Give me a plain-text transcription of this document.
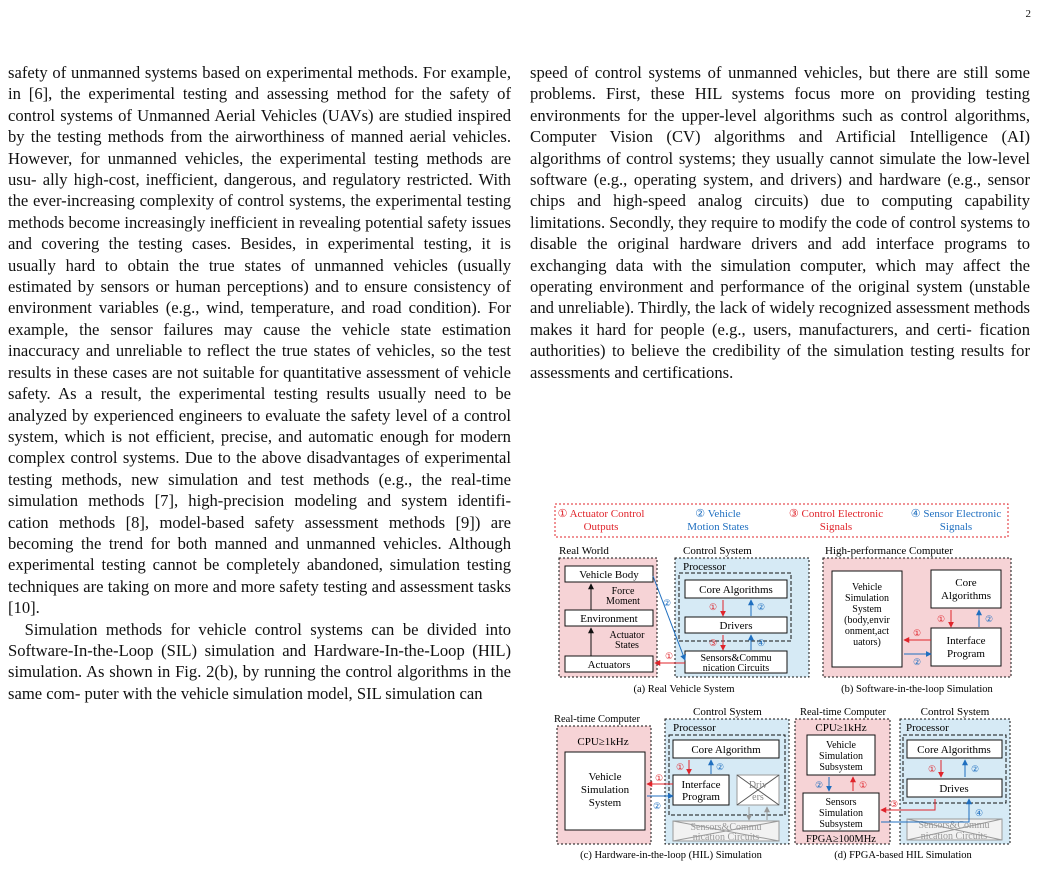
2

safety of unmanned systems based on experimental methods. For example, in [6], the experimental testing and assessing method for the safety of control systems of Unmanned Aerial Vehicles (UAVs) are studied inspired by the testing methods from the airworthiness of manned aerial vehicles. However, for unmanned vehicles, the experimental testing methods are usu- ally high-cost, inefficient, dangerous, and regulatory restricted. With the ever-increasing complexity of control systems, the experimental testing methods become increasingly inefficient in revealing potential safety issues and covering the testing cases. Besides, in experimental testing, it is usually hard to obtain the true states of unmanned vehicles (usually estimated by sensors or human perceptions) and to ensure consistency of environment variables (e.g., wind, temperature, and road condition). For example, the sensor failures may cause the vehicle state estimation inaccuracy and unreliable to reflect the true states of vehicles, so the test results in these cases are not suitable for quantitative assessment of vehicle safety. As a result, the experimental testing results usually need to be analyzed by experienced engineers to evaluate the safety level of a control system, which is not efficient, precise, and automatic enough for modern complex control systems. Due to the above disadvantages of experimental testing methods, new simulation and test methods (e.g., the real-time simulation methods [7], high-precision modeling and system identifi- cation methods [8], model-based safety assessment methods [9]) are becoming the trend for both manned and unmanned vehicles. Although experimental testing cannot be completely abandoned, simulation testing techniques are taking on more and more safety testing and assessment tasks [10].

Simulation methods for vehicle control systems can be divided into Software-In-the-Loop (SIL) simulation and Hardware-In-the-Loop (HIL) simulation. As shown in Fig. 2(b), by running the control algorithms in the same com- puter with the vehicle simulation model, SIL simulation can

speed of control systems of unmanned vehicles, but there are still some problems. First, these HIL systems focus more on providing testing environments for the upper-level algorithms such as control algorithms, Computer Vision (CV) algorithms and Artificial Intelligence (AI) algorithms of control systems; they usually cannot simulate the low-level software (e.g., operating system, and drivers) and hardware (e.g., sensor chips and high-speed analog circuits) due to computing capability limitations. Secondly, they require to modify the code of control systems to disable the original hardware drivers and add interface programs to exchanging data with the simulation computer, which may affect the operating environment and performance of the original system (unstable and unreliable). Thirdly, the lack of widely recognized assessment methods makes it hard for people (e.g., users, manufacturers, and certi- fication authorities) to believe the credibility of the simulation testing results for assessments and certifications.

① Actuator Control
Outputs
② Vehicle
Motion States
③ Control Electronic
Signals
④ Sensor Electronic
Signals
Real World
Vehicle Body
Force
Moment
Environment
Actuator
States
Actuators
Control System
Processor
Core Algorithms
①	②
Drivers
③	④
Sensors&Commu
nication Circuits
①
②
(a) Real Vehicle System
High-performance Computer
Vehicle
Simulation
System
(body,envir
onment,act
uators)
Core
Algorithms
①	②
Interface
Program
①
②
(b) Software-in-the-loop Simulation
Real-time Computer
CPU≥1kHz
Vehicle
Simulation
System
Control System
Processor
Core Algorithm
①	②
Interface
Program
Driv
ers
Sensors&Commu
nication Circuits
①
②
(c) Hardware-in-the-loop (HIL) Simulation
Real-time Computer
CPU≥1kHz
Vehicle
Simulation
Subsystem
②	①
Sensors
Simulation
Subsystem
FPGA≥100MHz
Control System
Processor
Core Algorithms
①	②
Drives
Sensors&Commu
nication Circuits
③
④
(d) FPGA-based HIL Simulation
